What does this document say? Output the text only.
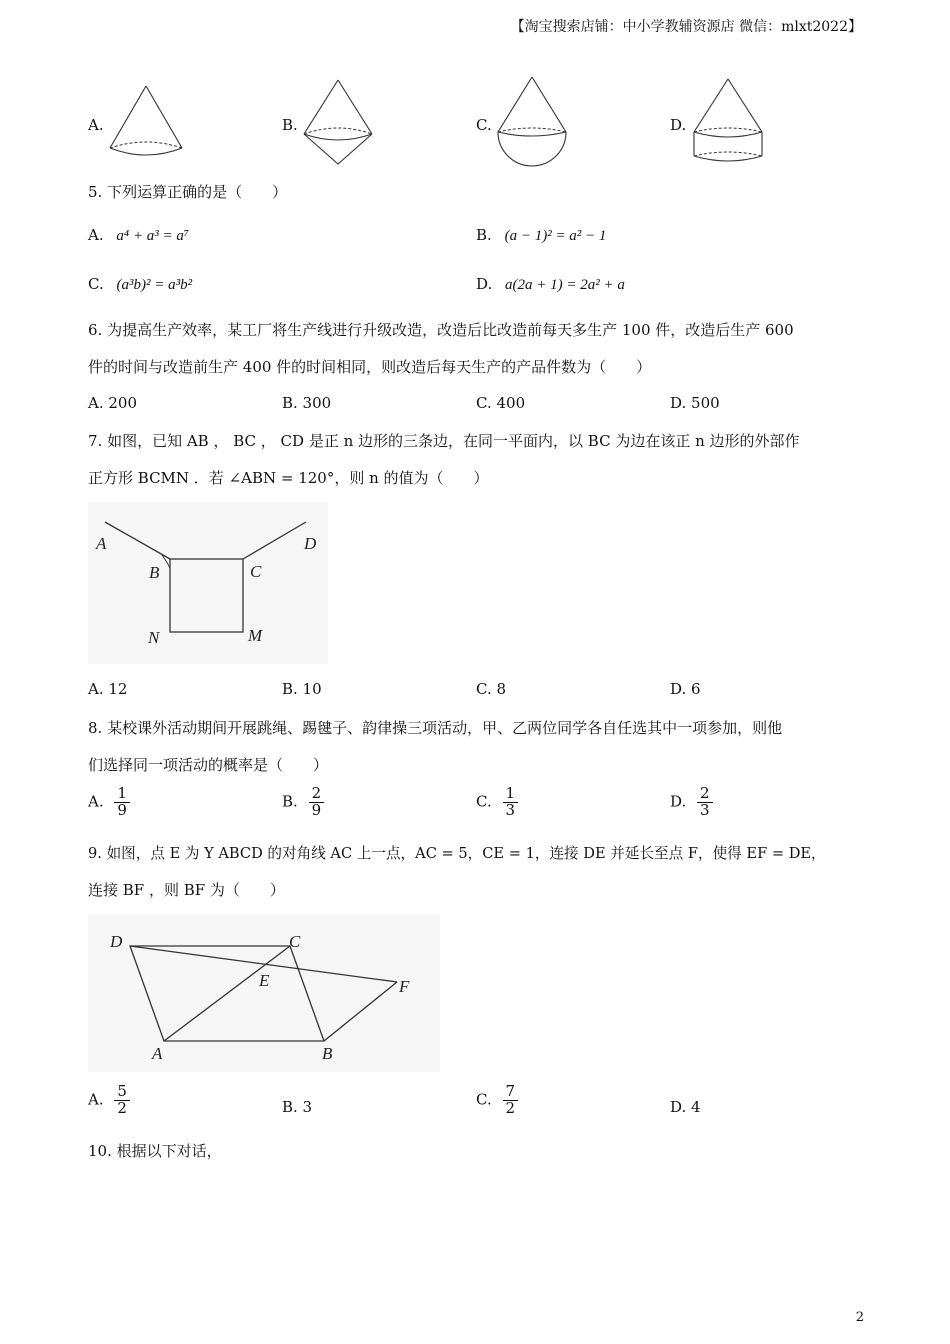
【淘宝搜索店铺：中小学教辅资源店 微信：mlxt2022】
A.	B.	C.	D.
5. 下列运算正确的是（　　）
A. a⁴ + a³ = a⁷	B. (a − 1)² = a² − 1
C. (a³b)² = a³b²	D. a(2a + 1) = 2a² + a
6. 为提高生产效率，某工厂将生产线进行升级改造，改造后比改造前每天多生产 100 件，改造后生产 600
件的时间与改造前生产 400 件的时间相同，则改造后每天生产的产品件数为（　　）
A. 200	B. 300	C. 400	D. 500
7. 如图，已知 AB ， BC ， CD 是正 n 边形的三条边，在同一平面内，以 BC 为边在该正 n 边形的外部作
正方形 BCMN ．若 ∠ABN = 120°，则 n 的值为（　　）
A	D
B	C
N	M
A. 12	B. 10	C. 8	D. 6
8. 某校课外活动期间开展跳绳、踢毽子、韵律操三项活动，甲、乙两位同学各自任选其中一项参加，则他
们选择同一项活动的概率是（　　）
A. $\frac{1}{9}$	B. $\frac{2}{9}$	C. $\frac{1}{3}$	D. $\frac{2}{3}$
9. 如图，点 E 为 Y ABCD 的对角线 AC 上一点，AC = 5，CE = 1，连接 DE 并延长至点 F，使得 EF = DE，
连接 BF ，则 BF 为（　　）
D	C
E	F
A	B
A. $\frac{5}{2}$	B. 3	C. $\frac{7}{2}$	D. 4
10. 根据以下对话，
2
